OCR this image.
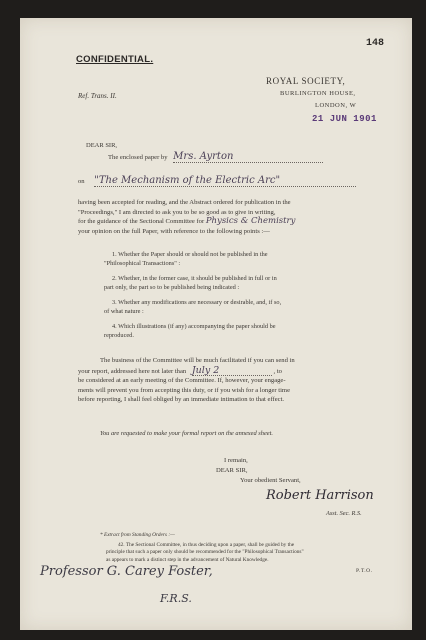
148
CONFIDENTIAL.
ROYAL SOCIETY,
BURLINGTON HOUSE,
LONDON, W
Ref. Trans. II.
21 JUN 1901
DEAR SIR,
The enclosed paper by Mrs. Ayrton
on "The Mechanism of the Electric Arc"
having been accepted for reading, and the Abstract ordered for publication in the
"Proceedings," I am directed to ask you to be so good as to give in writing,
for the guidance of the Sectional Committee for Physics & Chemistry
your opinion on the full Paper, with reference to the following points :—
1. Whether the Paper should or should not be published in the
"Philosophical Transactions" :
2. Whether, in the former case, it should be published in full or in
part only, the part so to be published being indicated :
3. Whether any modifications are necessary or desirable, and, if so,
of what nature :
4. Which illustrations (if any) accompanying the paper should be
reproduced.
The business of the Committee will be much facilitated if you can send in
your report, addressed here not later than July 2	, to
be considered at an early meeting of the Committee. If, however, your engage-
ments will prevent you from accepting this duty, or if you wish for a longer time
before reporting, I shall feel obliged by an immediate intimation to that effect.
You are requested to make your formal report on the annexed sheet.
I remain,
DEAR SIR,
Your obedient Servant,
Robert Harrison
Asst. Sec. R.S.
* Extract from Standing Orders :—
42. The Sectional Committee, in thus deciding upon a paper, shall be guided by the
principle that such a paper only should be recommended for the "Philosophical Transactions"
as appears to mark a distinct step in the advancement of Natural Knowledge.
Professor G. Carey Foster,
F.R.S.
P.T.O.
